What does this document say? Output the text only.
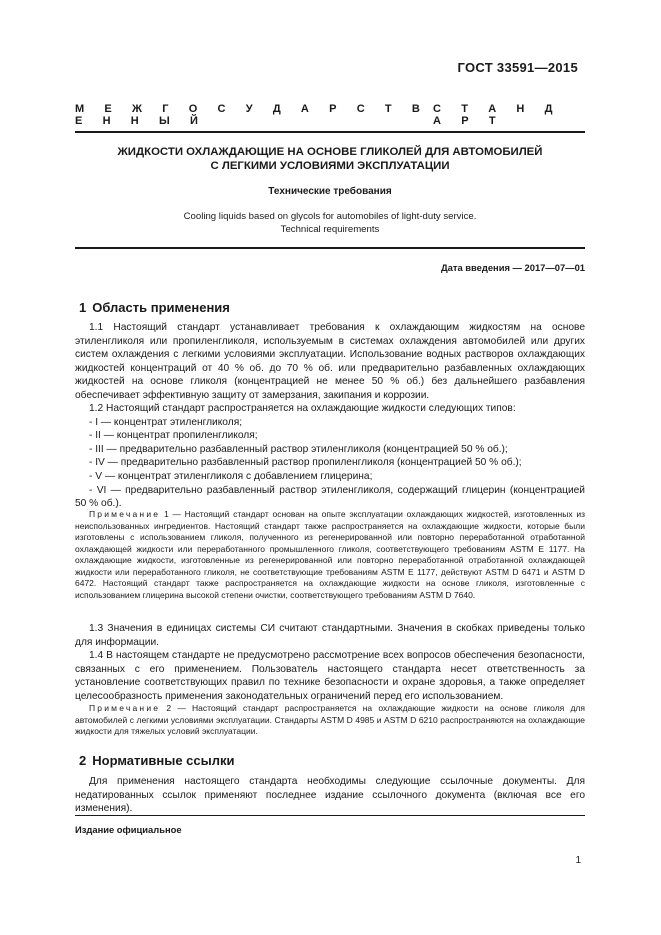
ГОСТ 33591—2015
М Е Ж Г О С У Д А Р С Т В Е Н Н Ы Й
С Т А Н Д А Р Т
ЖИДКОСТИ ОХЛАЖДАЮЩИЕ НА ОСНОВЕ ГЛИКОЛЕЙ ДЛЯ АВТОМОБИЛЕЙ
С ЛЕГКИМИ УСЛОВИЯМИ ЭКСПЛУАТАЦИИ
Технические требования
Cooling liquids based on glycols for automobiles of light-duty service.
Technical requirements
Дата введения — 2017—07—01
1 Область применения

1.1 Настоящий стандарт устанавливает требования к охлаждающим жидкостям на основе этиленгликоля или пропиленгликоля, используемым в системах охлаждения автомобилей или других систем охлаждения с легкими условиями эксплуатации. Использование водных растворов охлаждающих жидкостей концентраций от 40 % об. до 70 % об. или предварительно разбавленных охлаждающих жидкостей на основе гликоля (концентрацией не менее 50 % об.) без дальнейшего разбавления обеспечивает эффективную защиту от замерзания, закипания и коррозии.

1.2 Настоящий стандарт распространяется на охлаждающие жидкости следующих типов:

- I — концентрат этиленгликоля;

- II — концентрат пропиленгликоля;

- III — предварительно разбавленный раствор этиленгликоля (концентрацией 50 % об.);

- IV — предварительно разбавленный раствор пропиленгликоля (концентрацией 50 % об.);

- V — концентрат этиленгликоля с добавлением глицерина;

- VI — предварительно разбавленный раствор этиленгликоля, содержащий глицерин (концентрацией 50 % об.).

Примечание 1 — Настоящий стандарт основан на опыте эксплуатации охлаждающих жидкостей, изготовленных из неиспользованных ингредиентов. Настоящий стандарт также распространяется на охлаждающие жидкости, которые были изготовлены с использованием гликоля, полученного из регенерированной или повторно переработанной отработанной охлаждающей жидкости или переработанного промышленного гликоля, соответствующего требованиям ASTM E 1177. На охлаждающие жидкости, изготовленные из регенерированной или повторно переработанной отработанной охлаждающей жидкости или переработанного гликоля, не соответствующие требованиям ASTM E 1177, действуют ASTM D 6471 и ASTM D 6472. Настоящий стандарт также распространяется на охлаждающие жидкости на основе гликоля, изготовленные с использованием глицерина высокой степени очистки, соответствующего требованиям ASTM D 7640.

1.3 Значения в единицах системы СИ считают стандартными. Значения в скобках приведены только для информации.

1.4 В настоящем стандарте не предусмотрено рассмотрение всех вопросов обеспечения безопасности, связанных с его применением. Пользователь настоящего стандарта несет ответственность за установление соответствующих правил по технике безопасности и охране здоровья, а также определяет целесообразность применения законодательных ограничений перед его использованием.

Примечание 2 — Настоящий стандарт распространяется на охлаждающие жидкости на основе гликоля для автомобилей с легкими условиями эксплуатации. Стандарты ASTM D 4985 и ASTM D 6210 распространяются на охлаждающие жидкости для тяжелых условий эксплуатации.

2 Нормативные ссылки

Для применения настоящего стандарта необходимы следующие ссылочные документы. Для недатированных ссылок применяют последнее издание ссылочного документа (включая все его изменения).

Издание официальное
1
